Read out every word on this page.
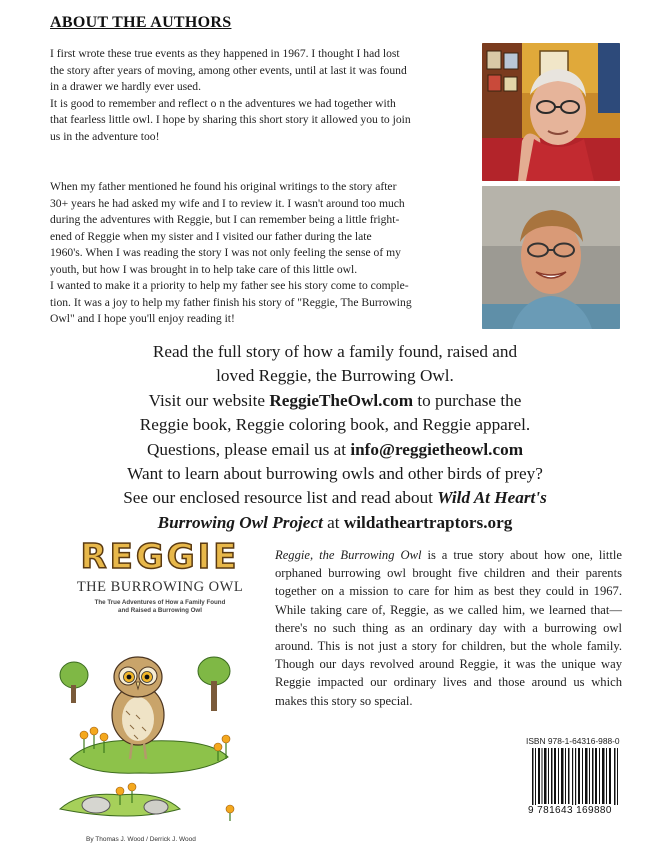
ABOUT THE AUTHORS

I first wrote these true events as they happened in 1967. I thought I had lost

the story after years of moving, among other events, until at last it was found

in a drawer we hardly ever used.

It is good to remember and reflect o n the adventures we had together with

that fearless little owl. I hope by sharing this short story it allowed you to join

us in the adventure too!

When my father mentioned he found his original writings to the story after

30+ years he had asked my wife and I to review it. I wasn't around too much

during the adventures with Reggie, but I can remember being a little fright-

ened of Reggie when my sister and I visited our father during the late

1960's. When I was reading the story I was not only feeling the sense of my

youth, but how I was brought in to help take care of this little owl.

I wanted to make it a priority to help my father see his story come to comple-

tion. It was a joy to help my father finish his story of "Reggie, The Burrowing

Owl" and I hope you'll enjoy reading it!

Read the full story of how a family found, raised and
loved Reggie, the Burrowing Owl.
Visit our website ReggieTheOwl.com to purchase the
Reggie book, Reggie coloring book, and Reggie apparel.
Questions, please email us at info@reggietheowl.com
Want to learn about burrowing owls and other birds of prey?
See our enclosed resource list and read about Wild At Heart's
Burrowing Owl Project at wildatheartraptors.org
REGGIE
THE BURROWING OWL
The True Adventures of How a Family Found
and Raised a Burrowing Owl
By Thomas J. Wood / Derrick J. Wood
Reggie, the Burrowing Owl is a true story about how one, little orphaned burrowing owl brought five children and their parents together on a mission to care for him as best they could in 1967. While taking care of, Reggie, as we called him, we learned that—there's no such thing as an ordinary day with a burrowing owl around. This is not just a story for children, but the whole family. Though our days revolved around Reggie, it was the unique way Reggie impacted our ordinary lives and those around us which makes this story so special.
ISBN 978-1-64316-988-0
9 781643 169880
